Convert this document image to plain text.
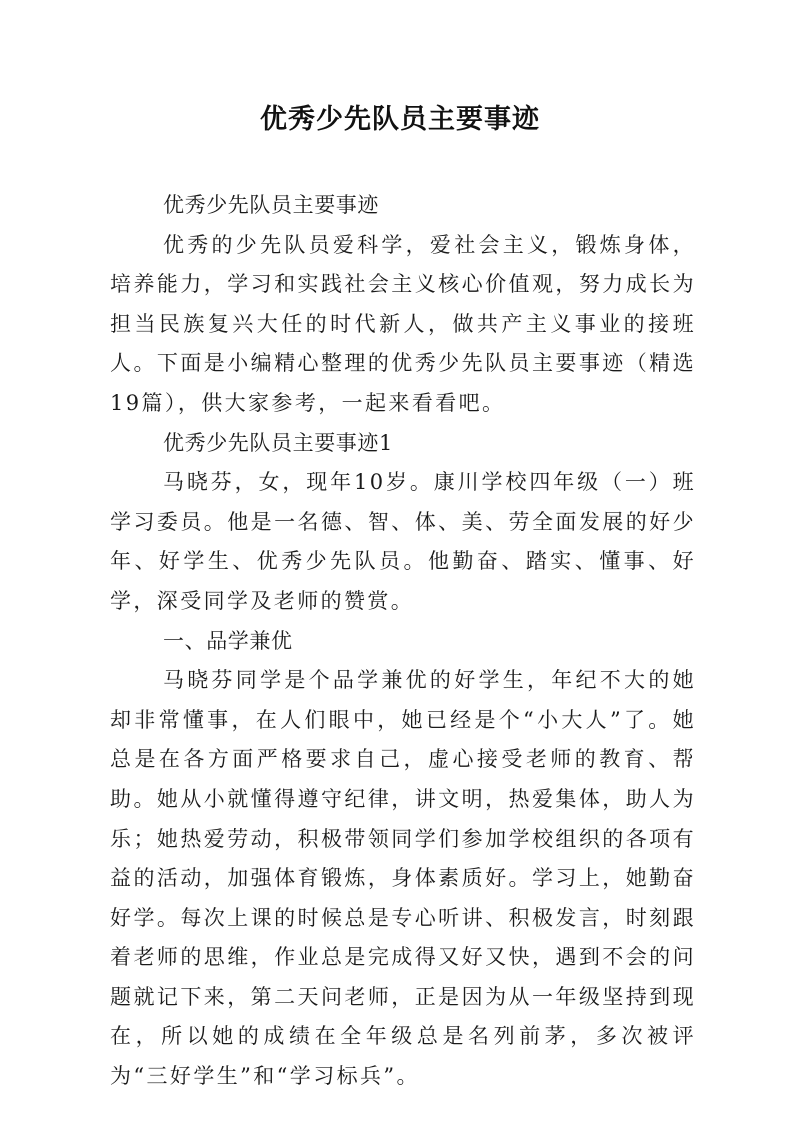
优秀少先队员主要事迹

优秀少先队员主要事迹

优秀的少先队员爱科学，爱社会主义，锻炼身体，培养能力，学习和实践社会主义核心价值观，努力成长为担当民族复兴大任的时代新人，做共产主义事业的接班人。下面是小编精心整理的优秀少先队员主要事迹（精选19篇），供大家参考，一起来看看吧。

优秀少先队员主要事迹1

马晓芬，女，现年10岁。康川学校四年级（一）班学习委员。他是一名德、智、体、美、劳全面发展的好少年、好学生、优秀少先队员。他勤奋、踏实、懂事、好学，深受同学及老师的赞赏。

一、品学兼优

马晓芬同学是个品学兼优的好学生，年纪不大的她却非常懂事，在人们眼中，她已经是个“小大人”了。她总是在各方面严格要求自己，虚心接受老师的教育、帮助。她从小就懂得遵守纪律，讲文明，热爱集体，助人为乐；她热爱劳动，积极带领同学们参加学校组织的各项有益的活动，加强体育锻炼，身体素质好。学习上，她勤奋好学。每次上课的时候总是专心听讲、积极发言，时刻跟着老师的思维，作业总是完成得又好又快，遇到不会的问题就记下来，第二天问老师，正是因为从一年级坚持到现在，所以她的成绩在全年级总是名列前茅，多次被评为“三好学生”和“学习标兵”。
